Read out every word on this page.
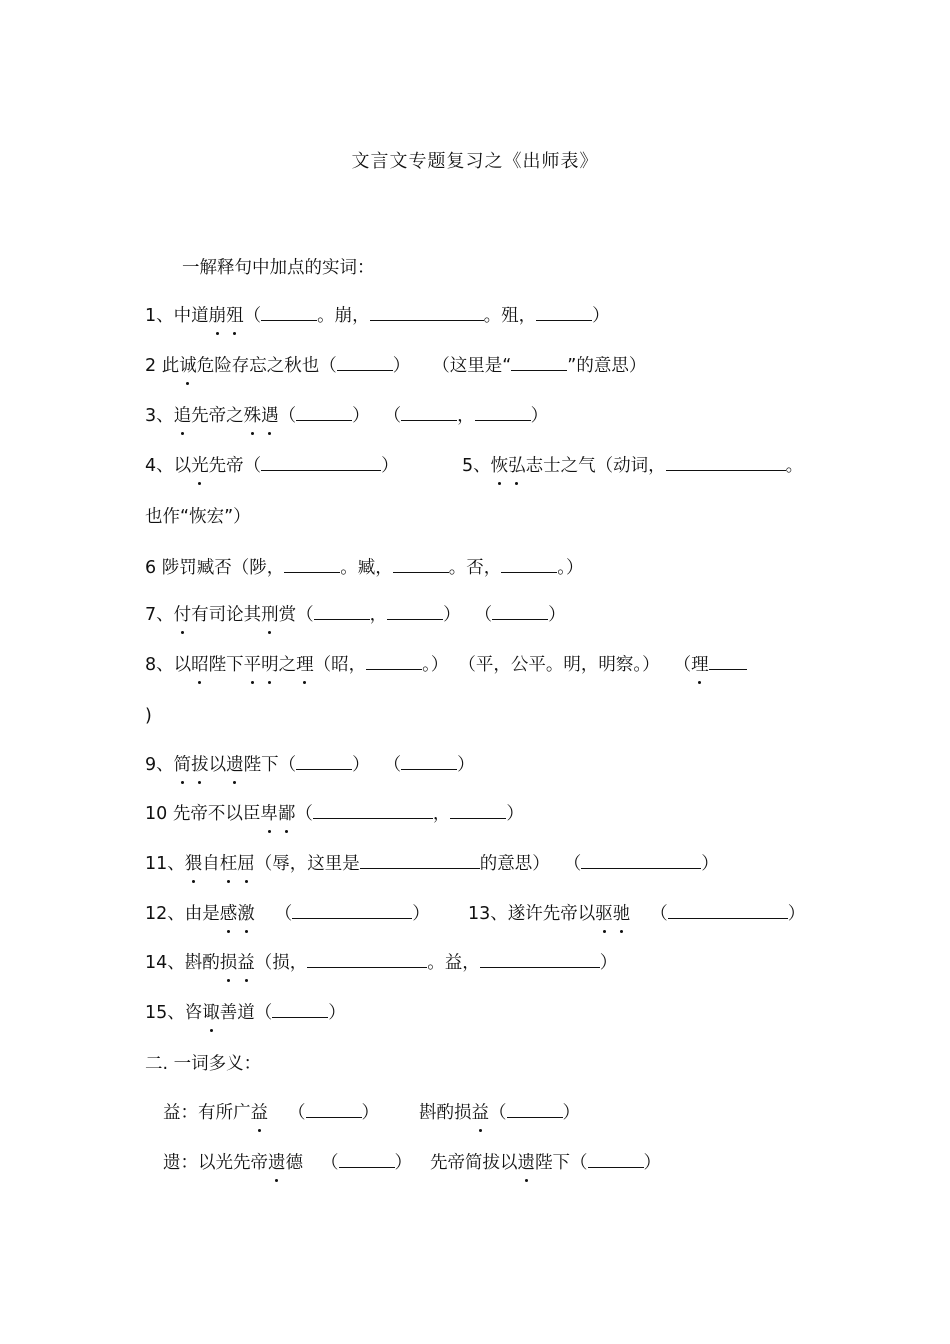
文言文专题复习之《出师表》
一解释句中加点的实词：
1、中道崩殂（	。崩，	。殂，	）
2 此诚危险存忘之秋也（	） （这里是“	”的意思）
3、追先帝之殊遇（	） （	，	）
4、以光先帝（	）	5、恢弘志士之气（动词，	。
也作“恢宏”）
6 陟罚臧否（陟，	。臧，	。否，	。）
7、付有司论其刑赏（	，	） （	）
8、以昭陛下平明之理（昭，	。） （平，公平。明，明察。） （理
)
9、简拔以遗陛下（	） （	）
10 先帝不以臣卑鄙（	，	）
11、猥自枉屈（辱，这里是	的意思） （	）
12、由是感激 （	） 13、遂许先帝以驱驰 （	）
14、斟酌损益（损，	。益，	）
15、咨诹善道（	）
二. 一词多义：
益：有所广益 （	） 斟酌损益（	）
遗：以光先帝遗德 （	） 先帝简拔以遗陛下（	）
